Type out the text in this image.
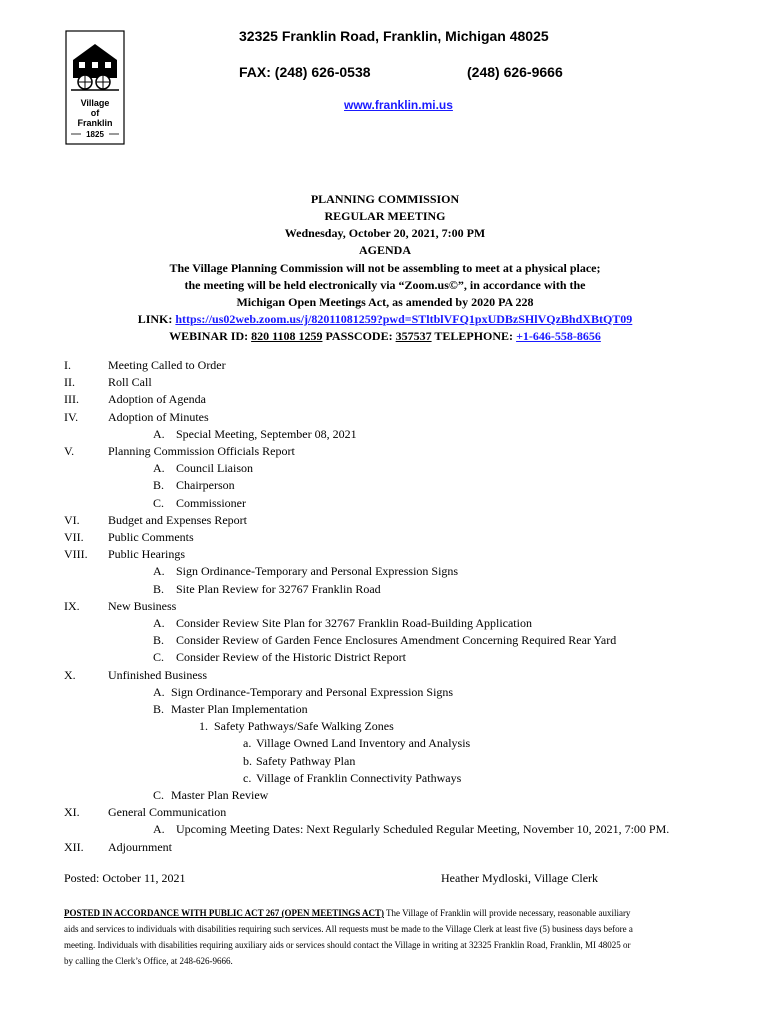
Village
of
Franklin
1825
32325 Franklin Road, Franklin, Michigan 48025
FAX: (248) 626-0538	(248) 626-9666
www.franklin.mi.us
PLANNING COMMISSION
REGULAR MEETING
Wednesday, October 20, 2021, 7:00 PM
AGENDA
The Village Planning Commission will not be assembling to meet at a physical place;
the meeting will be held electronically via “Zoom.us©”, in accordance with the
Michigan Open Meetings Act, as amended by 2020 PA 228
LINK: https://us02web.zoom.us/j/82011081259?pwd=STltblVFQ1pxUDBzSHlVQzBhdXBtQT09
WEBINAR ID: 820 1108 1259 PASSCODE: 357537 TELEPHONE: +1-646-558-8656
I.	Meeting Called to Order
II.	Roll Call
III. Adoption of Agenda
IV. Adoption of Minutes
A. Special Meeting, September 08, 2021
V.	Planning Commission Officials Report
A. Council Liaison
B. Chairperson
C. Commissioner
VI. Budget and Expenses Report
VII. Public Comments
VIII. Public Hearings
A. Sign Ordinance-Temporary and Personal Expression Signs
B. Site Plan Review for 32767 Franklin Road
IX. New Business
A. Consider Review Site Plan for 32767 Franklin Road-Building Application
B. Consider Review of Garden Fence Enclosures Amendment Concerning Required Rear Yard
C. Consider Review of the Historic District Report
X.	Unfinished Business
A. Sign Ordinance-Temporary and Personal Expression Signs
B. Master Plan Implementation
1. Safety Pathways/Safe Walking Zones
a. Village Owned Land Inventory and Analysis
b. Safety Pathway Plan
c. Village of Franklin Connectivity Pathways
C. Master Plan Review
XI. General Communication
A. Upcoming Meeting Dates: Next Regularly Scheduled Regular Meeting, November 10, 2021, 7:00 PM.
XII. Adjournment
Posted: October 11, 2021	Heather Mydloski, Village Clerk
POSTED IN ACCORDANCE WITH PUBLIC ACT 267 (OPEN MEETINGS ACT) The Village of Franklin will provide necessary, reasonable auxiliary
aids and services to individuals with disabilities requiring such services. All requests must be made to the Village Clerk at least five (5) business days before a
meeting. Individuals with disabilities requiring auxiliary aids or services should contact the Village in writing at 32325 Franklin Road, Franklin, MI 48025 or
by calling the Clerk’s Office, at 248-626-9666.
